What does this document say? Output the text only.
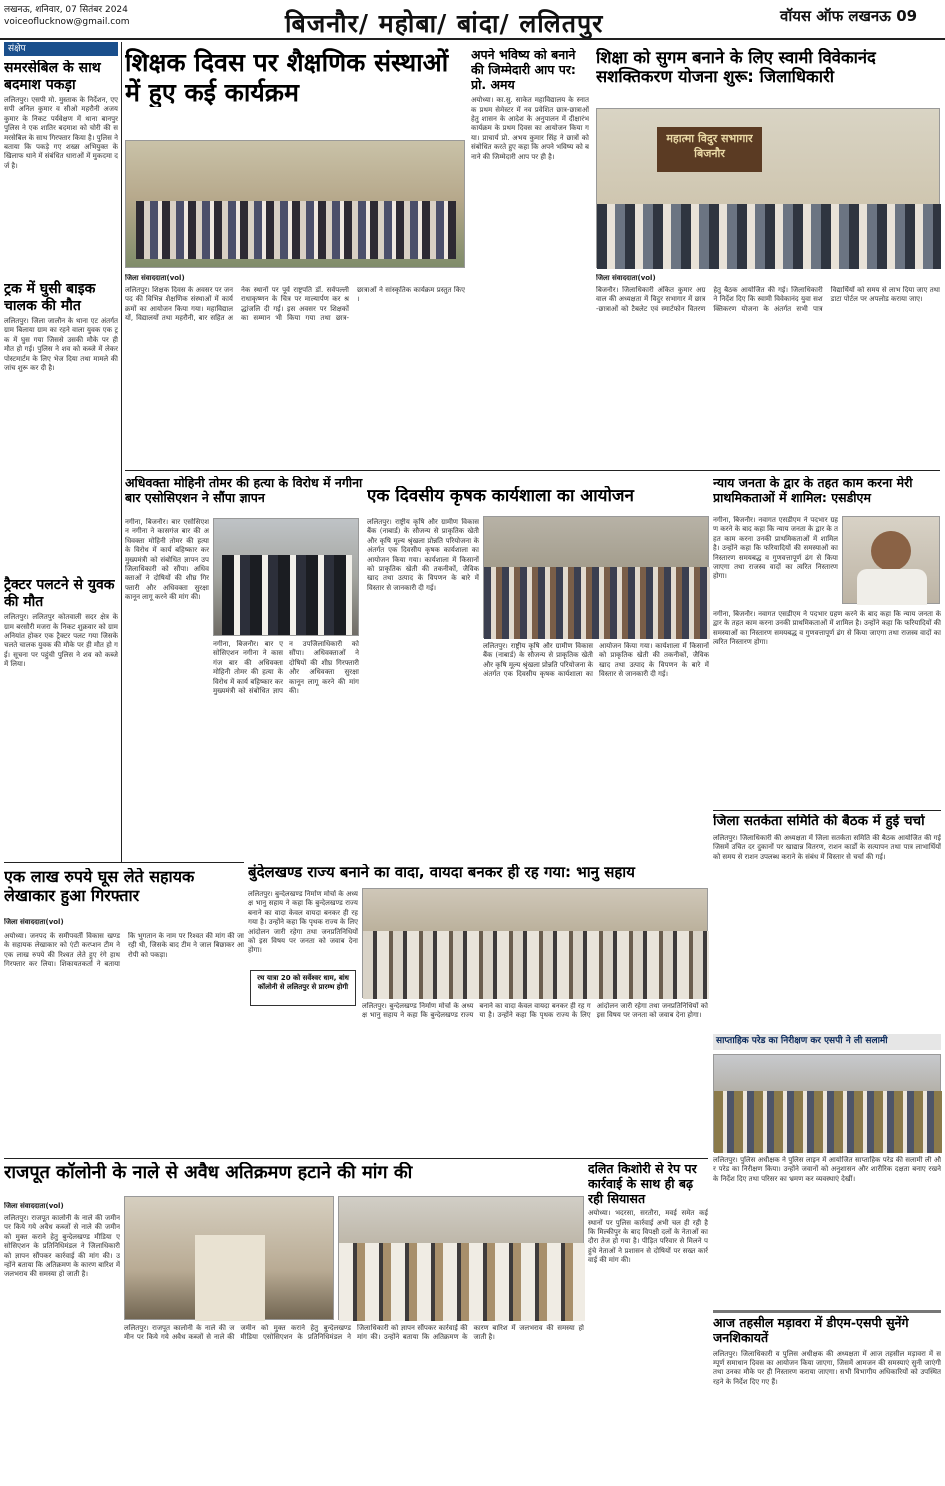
लखनऊ, शनिवार, 07 सितंबर 2024
voiceoflucknow@gmail.com	बिजनौर/ महोबा/ बांदा/ ललितपुर	वॉयस ऑफ लखनऊ 09
संक्षेप
समरसेबिल के साथ बदमाश पकड़ा
ललितपुर। एसपी मो. मुस्ताक के निर्देशन, एएसपी अनिल कुमार व सीओ महरौनी अजय कुमार के निकट पर्यवेक्षण में थाना बानपुर पुलिस ने एक शातिर बदमाश को चोरी की समरसेबिल के साथ गिरफ्तार किया है। पुलिस ने बताया कि पकड़े गए शख्स अभियुक्त के खिलाफ थाने में संबंधित धाराओं में मुकदमा दर्ज है।
ट्रक में घुसी बाइक चालक की मौत
ललितपुर। जिला जालौन के थाना एट अंतर्गत ग्राम बिलाया ग्राम का रहने वाला युवक एक ट्रक में घुस गया जिससे उसकी मौके पर ही मौत हो गई। पुलिस ने शव को कब्जे में लेकर पोस्टमार्टम के लिए भेज दिया तथा मामले की जांच शुरू कर दी है।
ट्रैक्टर पलटने से युवक की मौत
ललितपुर। ललितपुर कोतवाली सदर क्षेत्र के ग्राम बरसौरी मजरा के निकट शुक्रवार को ग्राम अनियांत होकर एक ट्रैक्टर पलट गया जिसके चलते चालक युवक की मौके पर ही मौत हो गई। सूचना पर पहुंची पुलिस ने शव को कब्जे में लिया।
शिक्षक दिवस पर शैक्षणिक संस्थाओं में हुए कई कार्यक्रम
जिला संवाददाता(vol)
ललितपुर। शिक्षक दिवस के अवसर पर जनपद की विभिन्न शैक्षणिक संस्थाओं में कार्यक्रमों का आयोजन किया गया। महाविद्यालयों, विद्यालयों तथा महरौनी, बार सहित अनेक स्थानों पर पूर्व राष्ट्रपति डॉ. सर्वपल्ली राधाकृष्णन के चित्र पर माल्यार्पण कर श्रद्धांजलि दी गई। इस अवसर पर शिक्षकों का सम्मान भी किया गया तथा छात्र-छात्राओं ने सांस्कृतिक कार्यक्रम प्रस्तुत किए।
अपने भविष्य को बनाने की जिम्मेदारी आप पर: प्रो. अमय
अयोध्या। का.सु. साकेत महाविद्यालय के स्नातक प्रथम सेमेस्टर में नव प्रवेशित छात्र-छात्राओं हेतु शासन के आदेश के अनुपालन में दीक्षारंभ कार्यक्रम के प्रथम दिवस का आयोजन किया गया। प्राचार्य प्रो. अभय कुमार सिंह ने छात्रों को संबोधित करते हुए कहा कि अपने भविष्य को बनाने की जिम्मेदारी आप पर ही है।
शिक्षा को सुगम बनाने के लिए स्वामी विवेकानंद सशक्तिकरण योजना शुरू: जिलाधिकारी
महात्मा विदुर सभागार बिजनौर
जिला संवाददाता(vol)
बिजनौर। जिलाधिकारी अंकित कुमार अग्रवाल की अध्यक्षता में विदुर सभागार में छात्र-छात्राओं को टैबलेट एवं स्मार्टफोन वितरण हेतु बैठक आयोजित की गई। जिलाधिकारी ने निर्देश दिए कि स्वामी विवेकानंद युवा सशक्तिकरण योजना के अंतर्गत सभी पात्र विद्यार्थियों को समय से लाभ दिया जाए तथा डाटा पोर्टल पर अपलोड कराया जाए।
अधिवक्ता मोहिनी तोमर की हत्या के विरोध में नगीना बार एसोसिएशन ने सौंपा ज्ञापन
नगीना, बिजनौर। बार एसोसिएशन नगीना ने कासगंज बार की अधिवक्ता मोहिनी तोमर की हत्या के विरोध में कार्य बहिष्कार कर मुख्यमंत्री को संबोधित ज्ञापन उपजिलाधिकारी को सौंपा। अधिवक्ताओं ने दोषियों की शीघ्र गिरफ्तारी और अधिवक्ता सुरक्षा कानून लागू करने की मांग की।
नगीना, बिजनौर। बार एसोसिएशन नगीना ने कासगंज बार की अधिवक्ता मोहिनी तोमर की हत्या के विरोध में कार्य बहिष्कार कर मुख्यमंत्री को संबोधित ज्ञापन उपजिलाधिकारी को सौंपा। अधिवक्ताओं ने दोषियों की शीघ्र गिरफ्तारी और अधिवक्ता सुरक्षा कानून लागू करने की मांग की।
एक दिवसीय कृषक कार्यशाला का आयोजन
ललितपुर। राष्ट्रीय कृषि और ग्रामीण विकास बैंक (नाबार्ड) के सौजन्य से प्राकृतिक खेती और कृषि मूल्य श्रृंखला प्रोन्नति परियोजना के अंतर्गत एक दिवसीय कृषक कार्यशाला का आयोजन किया गया। कार्यशाला में किसानों को प्राकृतिक खेती की तकनीकों, जैविक खाद तथा उत्पाद के विपणन के बारे में विस्तार से जानकारी दी गई।
ललितपुर। राष्ट्रीय कृषि और ग्रामीण विकास बैंक (नाबार्ड) के सौजन्य से प्राकृतिक खेती और कृषि मूल्य श्रृंखला प्रोन्नति परियोजना के अंतर्गत एक दिवसीय कृषक कार्यशाला का आयोजन किया गया। कार्यशाला में किसानों को प्राकृतिक खेती की तकनीकों, जैविक खाद तथा उत्पाद के विपणन के बारे में विस्तार से जानकारी दी गई।
न्याय जनता के द्वार के तहत काम करना मेरी प्राथमिकताओं में शामिल: एसडीएम
नगीना, बिजनौर। नवागत एसडीएम ने पदभार ग्रहण करने के बाद कहा कि न्याय जनता के द्वार के तहत काम करना उनकी प्राथमिकताओं में शामिल है। उन्होंने कहा कि फरियादियों की समस्याओं का निस्तारण समयबद्ध व गुणवत्तापूर्ण ढंग से किया जाएगा तथा राजस्व वादों का त्वरित निस्तारण होगा।
नगीना, बिजनौर। नवागत एसडीएम ने पदभार ग्रहण करने के बाद कहा कि न्याय जनता के द्वार के तहत काम करना उनकी प्राथमिकताओं में शामिल है। उन्होंने कहा कि फरियादियों की समस्याओं का निस्तारण समयबद्ध व गुणवत्तापूर्ण ढंग से किया जाएगा तथा राजस्व वादों का त्वरित निस्तारण होगा।
एक लाख रुपये घूस लेते सहायक लेखाकार हुआ गिरफ्तार
जिला संवाददाता(vol)
अयोध्या। जनपद के समीपवर्ती विकास खण्ड के सहायक लेखाकार को एंटी करप्शन टीम ने एक लाख रुपये की रिश्वत लेते हुए रंगे हाथ गिरफ्तार कर लिया। शिकायतकर्ता ने बताया कि भुगतान के नाम पर रिश्वत की मांग की जा रही थी, जिसके बाद टीम ने जाल बिछाकर आरोपी को पकड़ा।
बुंदेलखण्ड राज्य बनाने का वादा, वायदा बनकर ही रह गया: भानु सहाय
ललितपुर। बुन्देलखण्ड निर्माण मोर्चा के अध्यक्ष भानु सहाय ने कहा कि बुन्देलखण्ड राज्य बनाने का वादा केवल वायदा बनकर ही रह गया है। उन्होंने कहा कि पृथक राज्य के लिए आंदोलन जारी रहेगा तथा जनप्रतिनिधियों को इस विषय पर जनता को जवाब देना होगा।
रथ यात्रा 20 को सर्वेश्वर धाम, बांध कॉलोनी से ललितपुर से प्रारम्भ होगी
ललितपुर। बुन्देलखण्ड निर्माण मोर्चा के अध्यक्ष भानु सहाय ने कहा कि बुन्देलखण्ड राज्य बनाने का वादा केवल वायदा बनकर ही रह गया है। उन्होंने कहा कि पृथक राज्य के लिए आंदोलन जारी रहेगा तथा जनप्रतिनिधियों को इस विषय पर जनता को जवाब देना होगा।
जिला सतर्कता समिति की बैठक में हुई चर्चा
ललितपुर। जिलाधिकारी की अध्यक्षता में जिला सतर्कता समिति की बैठक आयोजित की गई जिसमें उचित दर दुकानों पर खाद्यान्न वितरण, राशन कार्डों के सत्यापन तथा पात्र लाभार्थियों को समय से राशन उपलब्ध कराने के संबंध में विस्तार से चर्चा की गई।
साप्ताहिक परेड का निरीक्षण कर एसपी ने ली सलामी
ललितपुर। पुलिस अधीक्षक ने पुलिस लाइन में आयोजित साप्ताहिक परेड की सलामी ली और परेड का निरीक्षण किया। उन्होंने जवानों को अनुशासन और शारीरिक दक्षता बनाए रखने के निर्देश दिए तथा परिसर का भ्रमण कर व्यवस्थाएं देखीं।
राजपूत कॉलोनी के नाले से अवैध अतिक्रमण हटाने की मांग की
जिला संवाददाता(vol)
ललितपुर। राजपूत कालोनी के नाले की जमीन पर किये गये अवैध कब्जों से नाले की जमीन को मुक्त कराने हेतु बुन्देलखण्ड मीडिया एसोसिएशन के प्रतिनिधिमंडल ने जिलाधिकारी को ज्ञापन सौंपकर कार्रवाई की मांग की। उन्होंने बताया कि अतिक्रमण के कारण बारिश में जलभराव की समस्या हो जाती है।
ललितपुर। राजपूत कालोनी के नाले की जमीन पर किये गये अवैध कब्जों से नाले की जमीन को मुक्त कराने हेतु बुन्देलखण्ड मीडिया एसोसिएशन के प्रतिनिधिमंडल ने जिलाधिकारी को ज्ञापन सौंपकर कार्रवाई की मांग की। उन्होंने बताया कि अतिक्रमण के कारण बारिश में जलभराव की समस्या हो जाती है।
दलित किशोरी से रेप पर कार्रवाई के साथ ही बढ़ रही सियासत
अयोध्या। भदरसा, सरतौरा, मवई समेत कई स्थानों पर पुलिस कार्रवाई अभी चल ही रही है कि मिल्कीपुर के बाद विपक्षी दलों के नेताओं का दौरा तेज हो गया है। पीड़ित परिवार से मिलने पहुंचे नेताओं ने प्रशासन से दोषियों पर सख्त कार्रवाई की मांग की।
आज तहसील मड़ावरा में डीएम-एसपी सुनेंगे जनशिकायतें
ललितपुर। जिलाधिकारी व पुलिस अधीक्षक की अध्यक्षता में आज तहसील मड़ावरा में सम्पूर्ण समाधान दिवस का आयोजन किया जाएगा, जिसमें आमजन की समस्याएं सुनी जाएंगी तथा उनका मौके पर ही निस्तारण कराया जाएगा। सभी विभागीय अधिकारियों को उपस्थित रहने के निर्देश दिए गए हैं।
